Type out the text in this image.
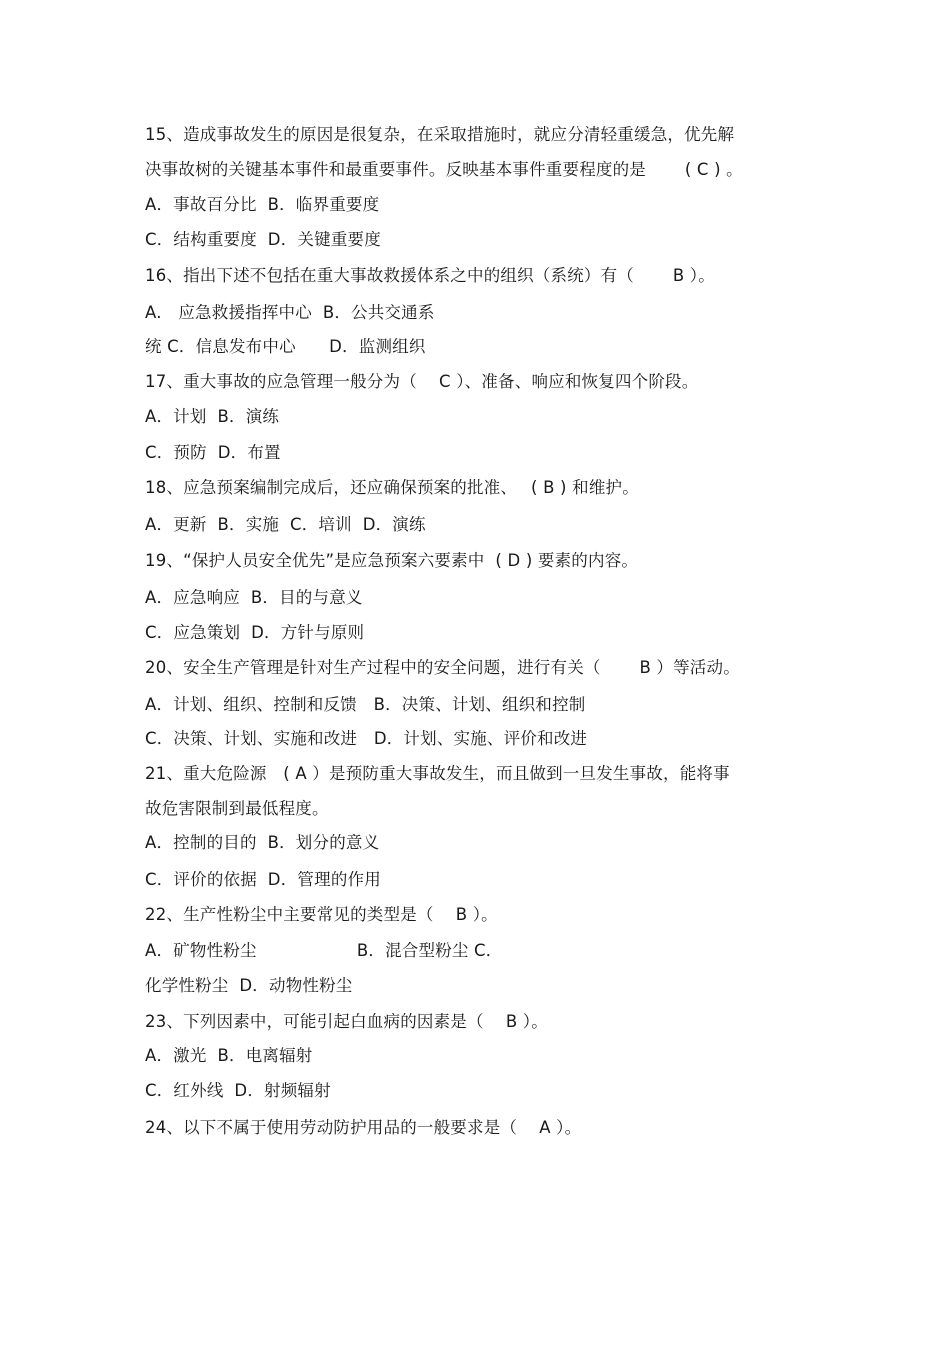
15、造成事故发生的原因是很复杂，在采取措施时，就应分清轻重缓急，优先解
决事故树的关键基本事件和最重要事件。反映基本事件重要程度的是　　 ( C ) 。
A．事故百分比  B．临界重要度
C．结构重要度  D．关键重要度
16、指出下述不包括在重大事故救援体系之中的组织（系统）有（　　 B ）。
A.　应急救援指挥中心  B．公共交通系
统 C．信息发布中心　　D．监测组织
17、重大事故的应急管理一般分为（　 C ）、准备、响应和恢复四个阶段。
A．计划  B．演练
C．预防  D．布置
18、应急预案编制完成后，还应确保预案的批准、　 ( B ) 和维护。
A．更新  B．实施  C．培训  D．演练
19、“保护人员安全优先”是应急预案六要素中  ( D ) 要素的内容。
A．应急响应  B．目的与意义
C．应急策划  D．方针与原则
20、安全生产管理是针对生产过程中的安全问题，进行有关（　　 B ）等活动。
A．计划、组织、控制和反馈　B．决策、计划、组织和控制
C．决策、计划、实施和改进　D．计划、实施、评价和改进
21、重大危险源　( A ）是预防重大事故发生，而且做到一旦发生事故，能将事
故危害限制到最低程度。
A．控制的目的  B．划分的意义
C．评价的依据  D．管理的作用
22、生产性粉尘中主要常见的类型是（　 B ）。
A．矿物性粉尘　　　　　　B．混合型粉尘 C．
化学性粉尘  D．动物性粉尘
23、下列因素中，可能引起白血病的因素是（　 B ）。
A．激光  B．电离辐射
C．红外线  D．射频辐射
24、以下不属于使用劳动防护用品的一般要求是（　 A ）。
